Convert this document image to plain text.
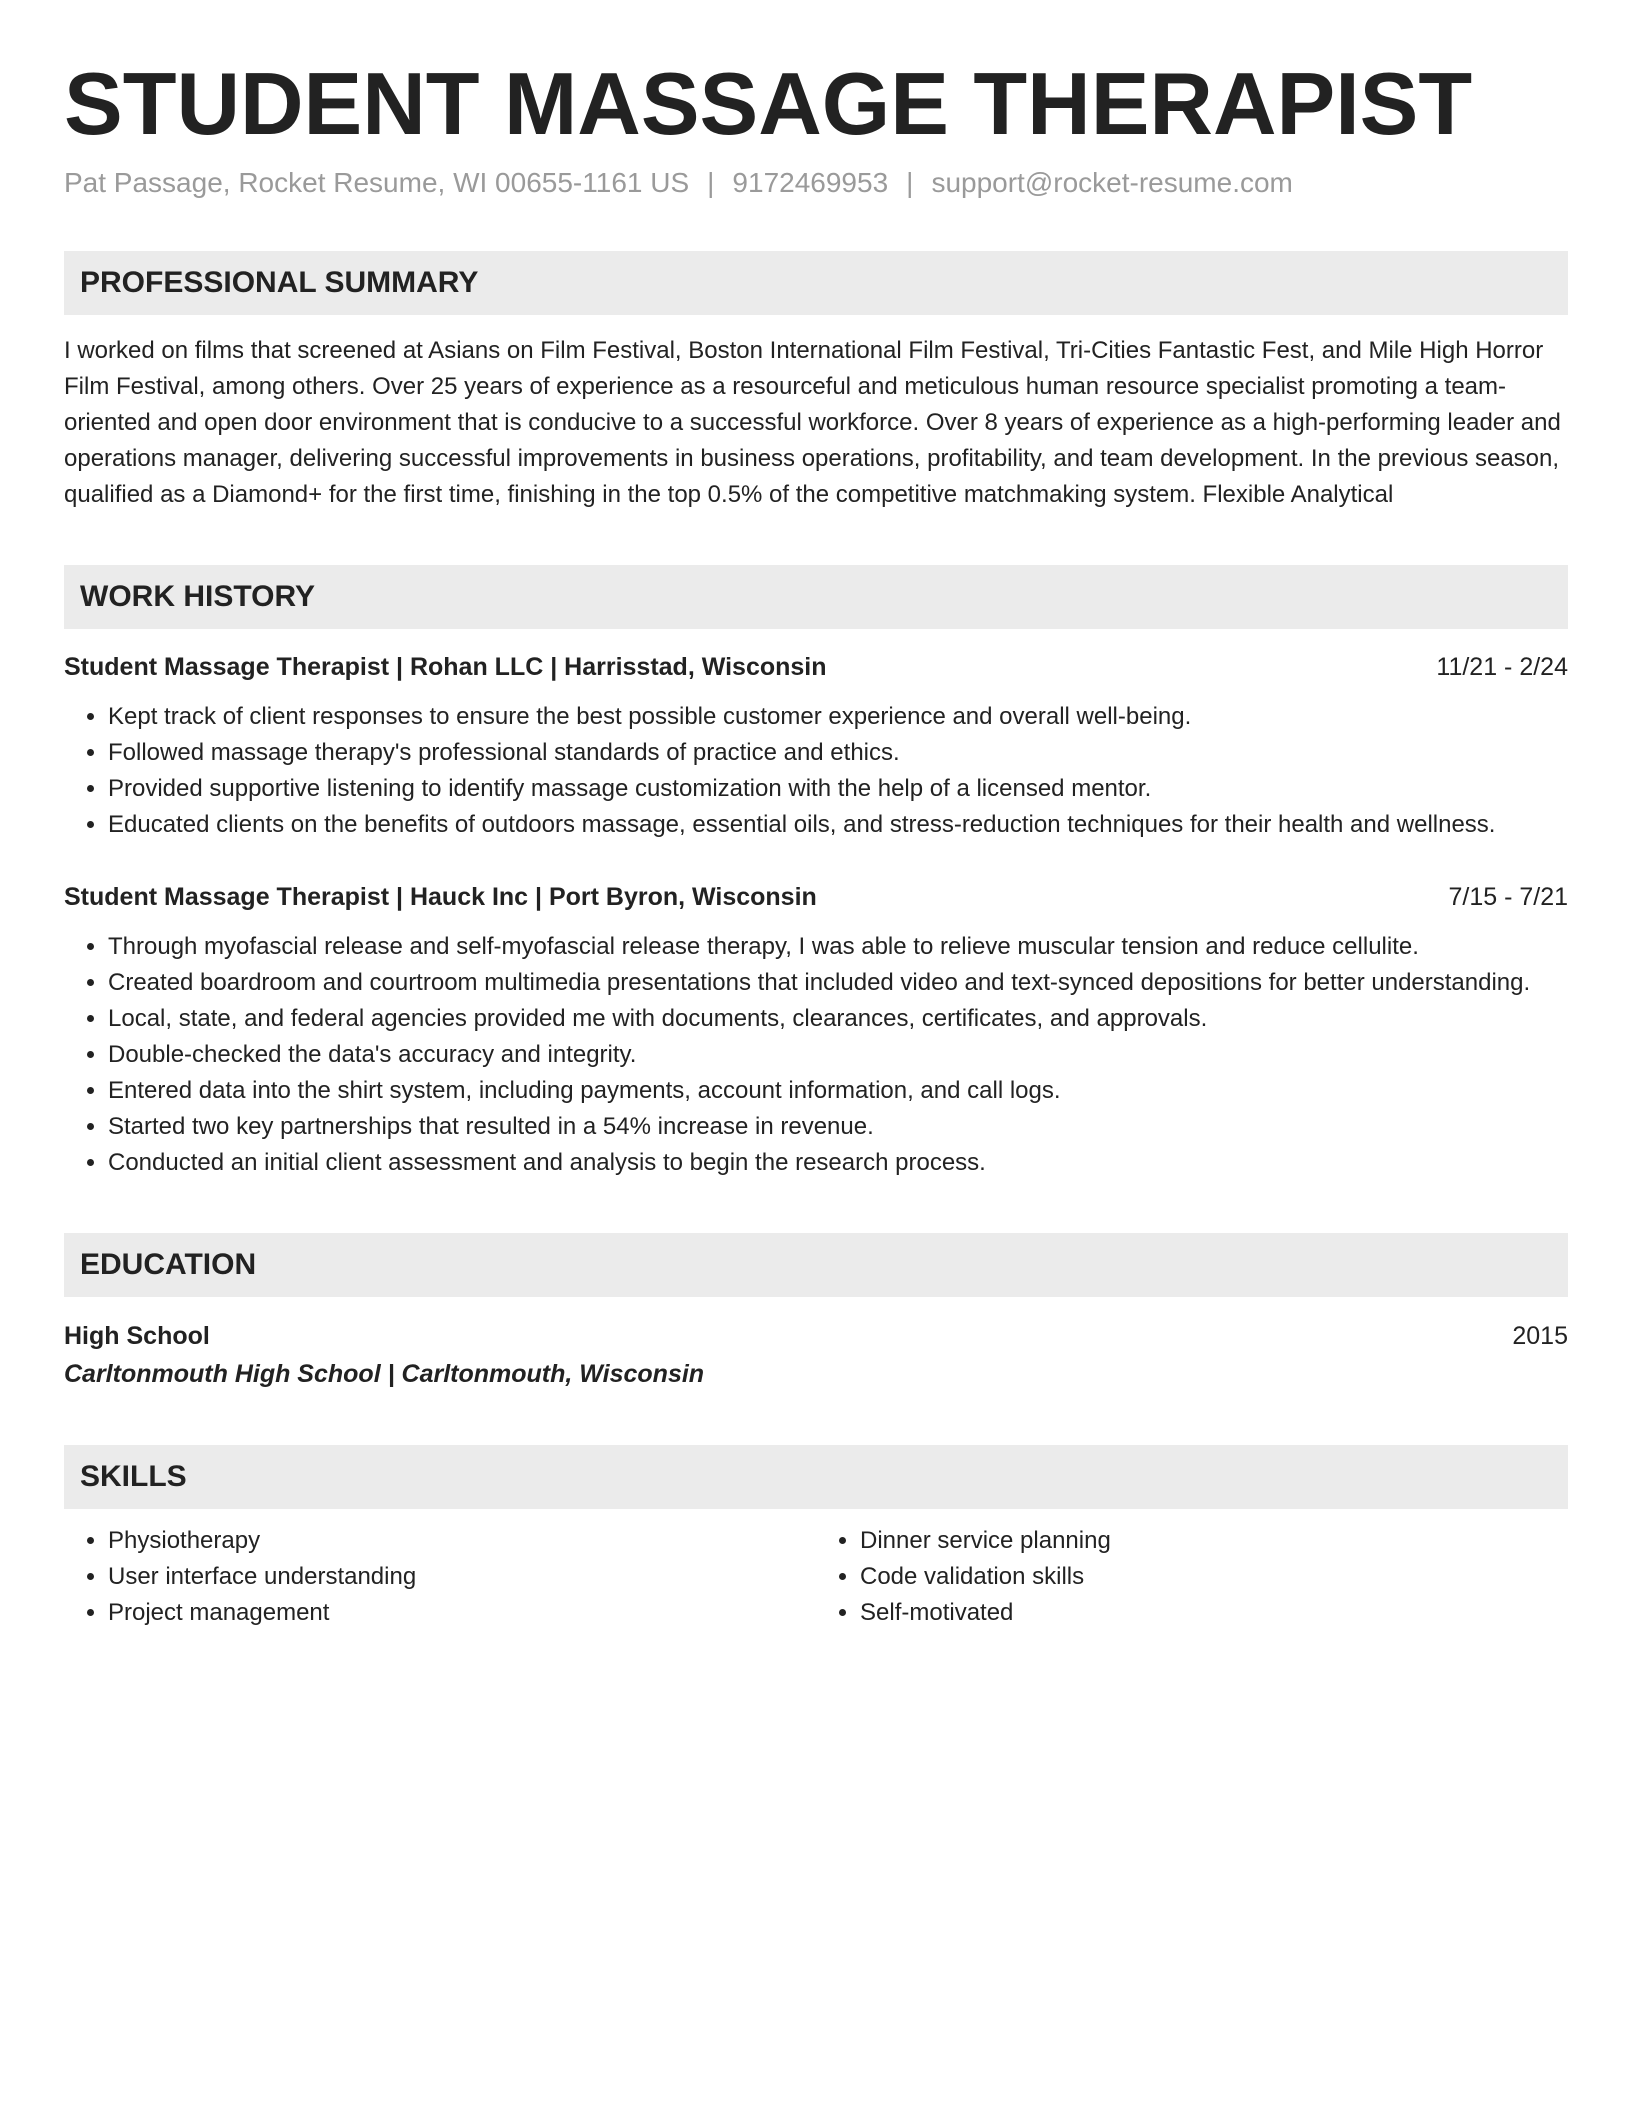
STUDENT MASSAGE THERAPIST
Pat Passage, Rocket Resume, WI 00655-1161 US | 9172469953 | support@rocket-resume.com
PROFESSIONAL SUMMARY
I worked on films that screened at Asians on Film Festival, Boston International Film Festival, Tri-Cities Fantastic Fest, and Mile High Horror Film Festival, among others. Over 25 years of experience as a resourceful and meticulous human resource specialist promoting a team-oriented and open door environment that is conducive to a successful workforce. Over 8 years of experience as a high-performing leader and operations manager, delivering successful improvements in business operations, profitability, and team development. In the previous season, qualified as a Diamond+ for the first time, finishing in the top 0.5% of the competitive matchmaking system. Flexible Analytical
WORK HISTORY
Student Massage Therapist | Rohan LLC | Harrisstad, Wisconsin	11/21 - 2/24
• Kept track of client responses to ensure the best possible customer experience and overall well-being.
• Followed massage therapy's professional standards of practice and ethics.
• Provided supportive listening to identify massage customization with the help of a licensed mentor.
• Educated clients on the benefits of outdoors massage, essential oils, and stress-reduction techniques for their health and wellness.
Student Massage Therapist | Hauck Inc | Port Byron, Wisconsin	7/15 - 7/21
• Through myofascial release and self-myofascial release therapy, I was able to relieve muscular tension and reduce cellulite.
• Created boardroom and courtroom multimedia presentations that included video and text-synced depositions for better understanding.
• Local, state, and federal agencies provided me with documents, clearances, certificates, and approvals.
• Double-checked the data's accuracy and integrity.
• Entered data into the shirt system, including payments, account information, and call logs.
• Started two key partnerships that resulted in a 54% increase in revenue.
• Conducted an initial client assessment and analysis to begin the research process.
EDUCATION
High School	2015
Carltonmouth High School | Carltonmouth, Wisconsin
SKILLS
• Physiotherapy
• User interface understanding
• Project management
• Dinner service planning
• Code validation skills
• Self-motivated
